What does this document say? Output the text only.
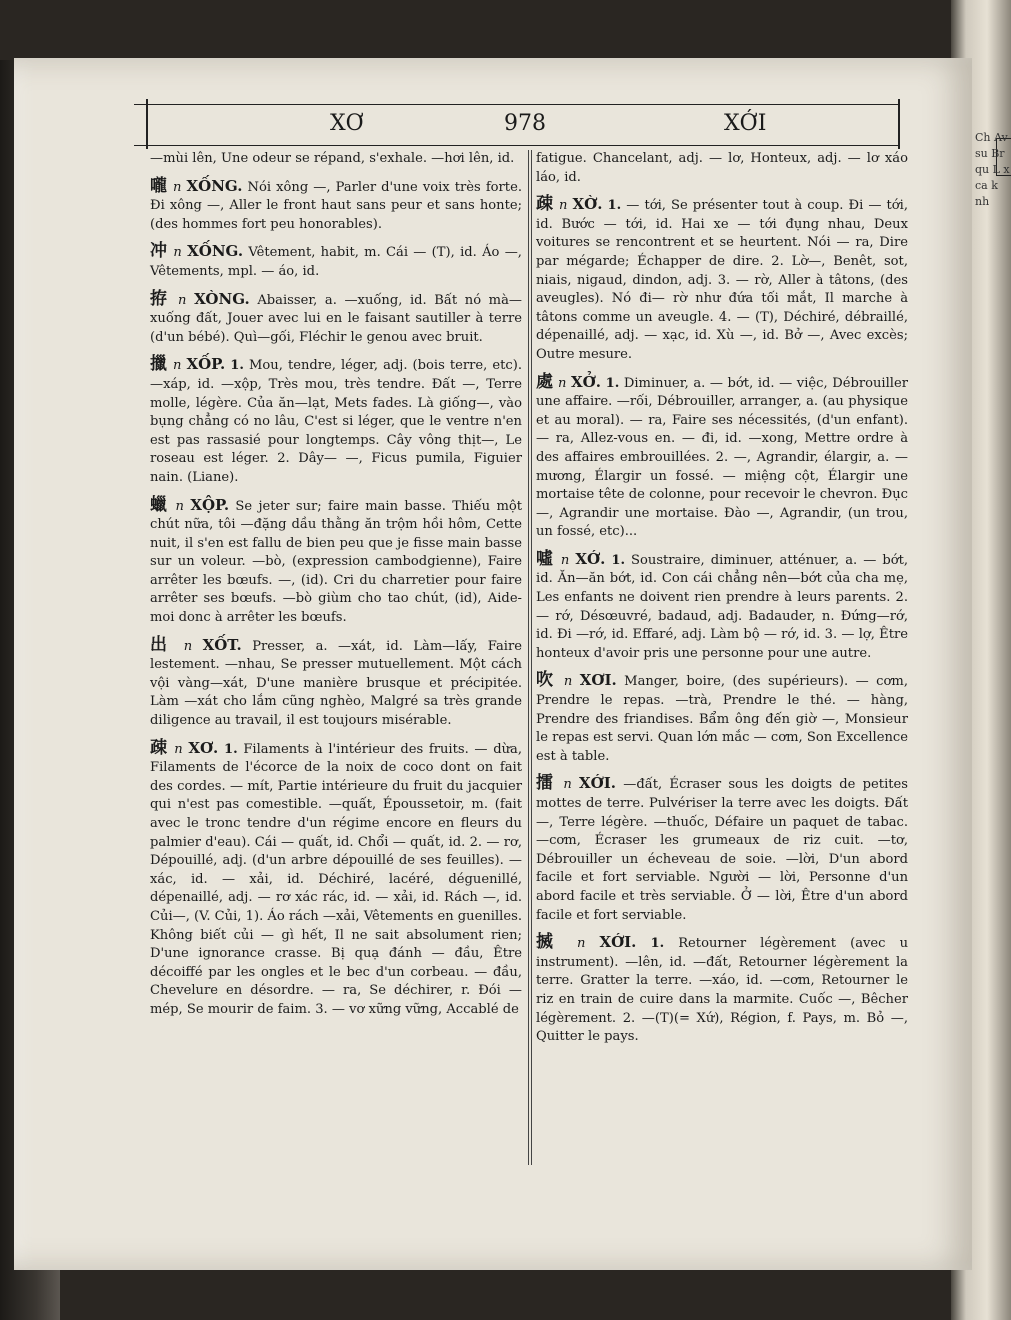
XƠ	978	XỚI
—mùi lên, Une odeur se répand, s'exhale. —hơi lên, id.
嚨 n XỐNG. Nói xông —, Parler d'une voix très forte. Đi xông —, Aller le front haut sans peur et sans honte; (des hommes fort peu honorables).
冲 n XỐNG. Vêtement, habit, m. Cái — (T), id. Áo —, Vêtements, mpl. — áo, id.
拵 n XÒNG. Abaisser, a. —xuống, id. Bất nó mà—xuống đất, Jouer avec lui en le faisant sautiller à terre (d'un bébé). Quì—gối, Fléchir le genou avec bruit.
擸 n XỐP. 1. Mou, tendre, léger, adj. (bois terre, etc). —xáp, id. —xộp, Très mou, très tendre. Đất —, Terre molle, légère. Của ăn—lạt, Mets fades. Là giống—, vào bụng chẳng có no lâu, C'est si léger, que le ventre n'en est pas rassasié pour longtemps. Cây vông thịt—, Le roseau est léger. 2. Dây— —, Ficus pumila, Figuier nain. (Liane).
蠟 n XỘP. Se jeter sur; faire main basse. Thiếu một chút nữa, tôi —đặng dầu thằng ăn trộm hồi hôm, Cette nuit, il s'en est fallu de bien peu que je fisse main basse sur un voleur. —bò, (expression cambodgienne), Faire arrêter les bœufs. —, (id). Cri du charretier pour faire arrêter ses bœufs. —bò giùm cho tao chút, (id), Aide-moi donc à arrêter les bœufs.
出 n XỐT. Presser, a. —xát, id. Làm—lấy, Faire lestement. —nhau, Se presser mutuellement. Một cách vội vàng—xát, D'une manière brusque et précipitée. Làm —xát cho lắm cũng nghèo, Malgré sa très grande diligence au travail, il est toujours misérable.
疎 n XƠ. 1. Filaments à l'intérieur des fruits. — dừa, Filaments de l'écorce de la noix de coco dont on fait des cordes. — mít, Partie intérieure du fruit du jacquier qui n'est pas comestible. —quất, Époussetoir, m. (fait avec le tronc tendre d'un régime encore en fleurs du palmier d'eau). Cái — quất, id. Chổi — quất, id. 2. — rơ, Dépouillé, adj. (d'un arbre dépouillé de ses feuilles). — xác, id. — xải, id. Déchiré, lacéré, déguenillé, dépenaillé, adj. — rơ xác rác, id. — xải, id. Rách —, id. Củi—, (V. Củi, 1). Áo rách —xải, Vêtements en guenilles. Không biết củi — gì hết, Il ne sait absolument rien; D'une ignorance crasse. Bị quạ đánh — đầu, Être décoiffé par les ongles et le bec d'un corbeau. — đầu, Chevelure en désordre. — ra, Se déchirer, r. Đói — mép, Se mourir de faim. 3. — vơ xững vững, Accablé de
fatigue. Chancelant, adj. — lơ, Honteux, adj. — lơ xáo láo, id.
疎 n XỜ. 1. — tới, Se présenter tout à coup. Đi — tới, id. Bước — tới, id. Hai xe — tới đụng nhau, Deux voitures se rencontrent et se heurtent. Nói — ra, Dire par mégarde; Échapper de dire. 2. Lờ—, Benêt, sot, niais, nigaud, dindon, adj. 3. — rờ, Aller à tâtons, (des aveugles). Nó đi— rờ như đứa tối mắt, Il marche à tâtons comme un aveugle. 4. — (T), Déchiré, débraillé, dépenaillé, adj. — xạc, id. Xù —, id. Bở —, Avec excès; Outre mesure.
處 n XỞ. 1. Diminuer, a. — bớt, id. — việc, Débrouiller une affaire. —rối, Débrouiller, arranger, a. (au physique et au moral). — ra, Faire ses nécessités, (d'un enfant). — ra, Allez-vous en. — đi, id. —xong, Mettre ordre à des affaires embrouillées. 2. —, Agrandir, élargir, a. — mương, Élargir un fossé. — miệng cột, Élargir une mortaise tête de colonne, pour recevoir le chevron. Đục —, Agrandir une mortaise. Đào —, Agrandir, (un trou, un fossé, etc)...
噓 n XỚ. 1. Soustraire, diminuer, atténuer, a. — bớt, id. Ăn—ăn bớt, id. Con cái chẳng nên—bớt của cha mẹ, Les enfants ne doivent rien prendre à leurs parents. 2. — rớ, Désœuvré, badaud, adj. Badauder, n. Đứng—rớ, id. Đi —rớ, id. Effaré, adj. Làm bộ — rớ, id. 3. — lợ, Être honteux d'avoir pris une personne pour une autre.
吹 n XƠI. Manger, boire, (des supérieurs). — cơm, Prendre le repas. —trà, Prendre le thé. — hàng, Prendre des friandises. Bẩm ông đến giờ —, Monsieur le repas est servi. Quan lớn mắc — cơm, Son Excellence est à table.
擂 n XỚI. —đất, Écraser sous les doigts de petites mottes de terre. Pulvériser la terre avec les doigts. Đất —, Terre légère. —thuốc, Défaire un paquet de tabac. —cơm, Écraser les grumeaux de riz cuit. —tơ, Débrouiller un écheveau de soie. —lời, D'un abord facile et fort serviable. Người — lời, Personne d'un abord facile et très serviable. Ở — lời, Être d'un abord facile et fort serviable.
搣 n XỚI. 1. Retourner légèrement (avec u instrument). —lên, id. —đất, Retourner légèrement la terre. Gratter la terre. —xáo, id. —cơm, Retourner le riz en train de cuire dans la marmite. Cuốc —, Bêcher légèrement. 2. —(T)(= Xứ), Région, f. Pays, m. Bỏ —, Quitter le pays.
Ch Av su Br qu L x ca k nh
